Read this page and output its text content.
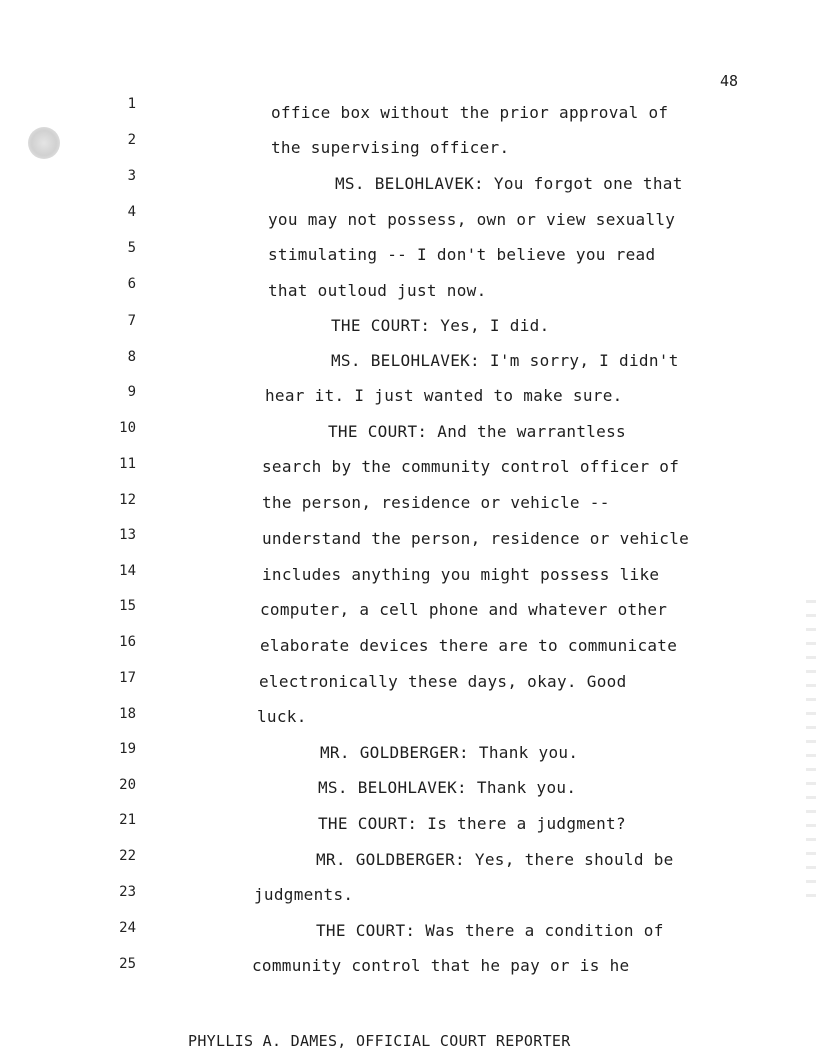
48
1
2
3
4
5
6
7
8
9
10
11
12
13
14
15
16
17
18
19
20
21
22
23
24
25
office box without the prior approval of
the supervising officer.
MS. BELOHLAVEK: You forgot one that
you may not possess, own or view sexually
stimulating -- I don't believe you read
that outloud just now.
THE COURT: Yes, I did.
MS. BELOHLAVEK: I'm sorry, I didn't
hear it. I just wanted to make sure.
THE COURT: And the warrantless
search by the community control officer of
the person, residence or vehicle --
understand the person, residence or vehicle
includes anything you might possess like
computer, a cell phone and whatever other
elaborate devices there are to communicate
electronically these days, okay. Good
luck.
MR. GOLDBERGER: Thank you.
MS. BELOHLAVEK: Thank you.
THE COURT: Is there a judgment?
MR. GOLDBERGER: Yes, there should be
judgments.
THE COURT: Was there a condition of
community control that he pay or is he
PHYLLIS A. DAMES, OFFICIAL COURT REPORTER
